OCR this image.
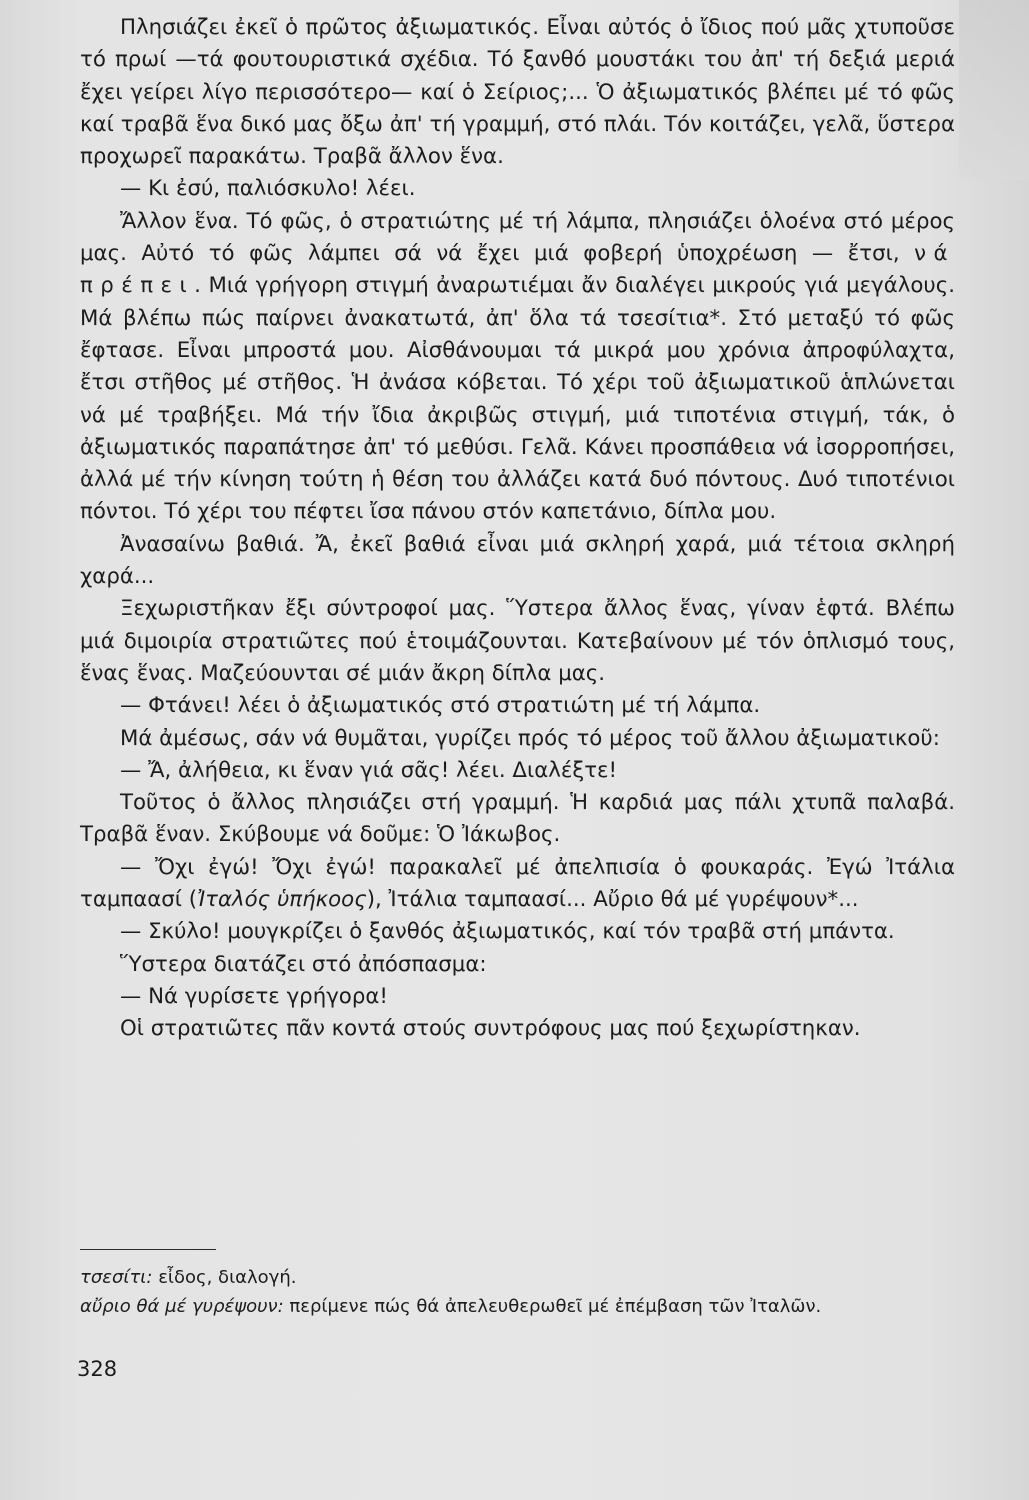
Πλησιάζει ἐκεῖ ὁ πρῶτος ἀξιωματικός. Εἶναι αὐτός ὁ ἴδιος πού μᾶς χτυποῦσε τό πρωί —τά φουτουριστικά σχέδια. Τό ξανθό μουστάκι του ἀπ' τή δεξιά μεριά ἔχει γείρει λίγο περισσότερο— καί ὁ Σείριος;... Ὁ ἀξιωματικός βλέπει μέ τό φῶς καί τραβᾶ ἕνα δικό μας ὄξω ἀπ' τή γραμμή, στό πλάι. Τόν κοιτάζει, γελᾶ, ὕστερα προχωρεῖ παρακάτω. Τραβᾶ ἄλλον ἕνα.

— Κι ἐσύ, παλιόσκυλο! λέει.

Ἄλλον ἕνα. Τό φῶς, ὁ στρατιώτης μέ τή λάμπα, πλησιάζει ὁλοένα στό μέρος μας. Αὐτό τό φῶς λάμπει σά νά ἔχει μιά φοβερή ὑποχρέωση — ἔτσι, νά πρέπει. Μιά γρήγορη στιγμή ἀναρωτιέμαι ἄν διαλέγει μικρούς γιά μεγάλους. Μά βλέπω πώς παίρνει ἀνακατωτά, ἀπ' ὅλα τά τσεσίτια*. Στό μεταξύ τό φῶς ἔφτασε. Εἶναι μπροστά μου. Αἰσθάνουμαι τά μικρά μου χρόνια ἀπροφύλαχτα, ἔτσι στῆθος μέ στῆθος. Ἡ ἀνάσα κόβεται. Τό χέρι τοῦ ἀξιωματικοῦ ἁπλώνεται νά μέ τραβήξει. Μά τήν ἴδια ἀκριβῶς στιγμή, μιά τιποτένια στιγμή, τάκ, ὁ ἀξιωματικός παραπάτησε ἀπ' τό μεθύσι. Γελᾶ. Κάνει προσπάθεια νά ἰσορροπήσει, ἀλλά μέ τήν κίνηση τούτη ἡ θέση του ἀλλάζει κατά δυό πόντους. Δυό τιποτένιοι πόντοι. Τό χέρι του πέφτει ἴσα πάνου στόν καπετάνιο, δίπλα μου.

Ἀνασαίνω βαθιά. Ἄ, ἐκεῖ βαθιά εἶναι μιά σκληρή χαρά, μιά τέτοια σκληρή χαρά...

Ξεχωριστῆκαν ἔξι σύντροφοί μας. Ὕστερα ἄλλος ἕνας, γίναν ἑφτά. Βλέπω μιά διμοιρία στρατιῶτες πού ἑτοιμάζουνται. Κατεβαίνουν μέ τόν ὁπλισμό τους, ἕνας ἕνας. Μαζεύουνται σέ μιάν ἄκρη δίπλα μας.

— Φτάνει! λέει ὁ ἀξιωματικός στό στρατιώτη μέ τή λάμπα.

Μά ἀμέσως, σάν νά θυμᾶται, γυρίζει πρός τό μέρος τοῦ ἄλλου ἀξιωματικοῦ:

— Ἄ, ἀλήθεια, κι ἕναν γιά σᾶς! λέει. Διαλέξτε!

Τοῦτος ὁ ἄλλος πλησιάζει στή γραμμή. Ἡ καρδιά μας πάλι χτυπᾶ παλαβά. Τραβᾶ ἕναν. Σκύβουμε νά δοῦμε: Ὁ Ἰάκωβος.

— Ὄχι ἐγώ! Ὄχι ἐγώ! παρακαλεῖ μέ ἀπελπισία ὁ φουκαράς. Ἐγώ Ἰτάλια ταμπαασί (Ἰταλός ὑπήκοος), Ἰτάλια ταμπαασί... Αὔριο θά μέ γυρέψουν*...

— Σκύλο! μουγκρίζει ὁ ξανθός ἀξιωματικός, καί τόν τραβᾶ στή μπάντα.

Ὕστερα διατάζει στό ἀπόσπασμα:

— Νά γυρίσετε γρήγορα!

Οἱ στρατιῶτες πᾶν κοντά στούς συντρόφους μας πού ξεχωρίστηκαν.

τσεσίτι: εἶδος, διαλογή.

αὔριο θά μέ γυρέψουν: περίμενε πώς θά ἀπελευθερωθεῖ μέ ἐπέμβαση τῶν Ἰταλῶν.

328
